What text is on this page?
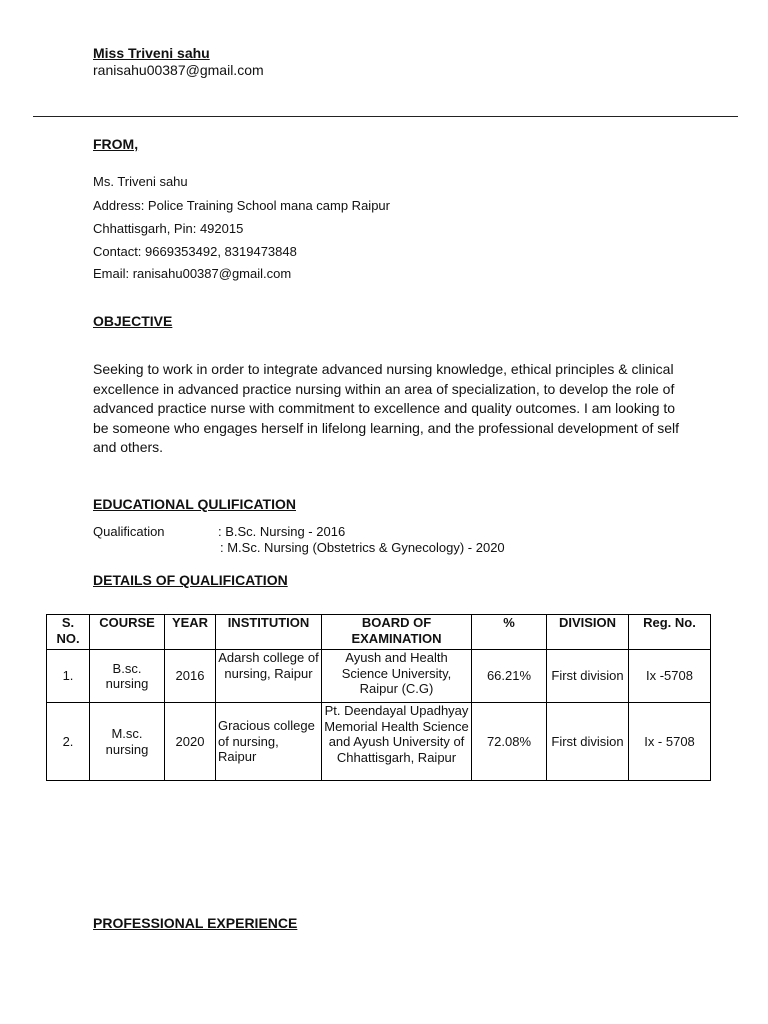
Miss Triveni sahu
ranisahu00387@gmail.com
FROM,
Ms. Triveni sahu
Address: Police Training School mana camp Raipur
Chhattisgarh, Pin: 492015
Contact: 9669353492, 8319473848
Email: ranisahu00387@gmail.com
OBJECTIVE
Seeking to work in order to integrate advanced nursing knowledge, ethical principles & clinical excellence in advanced practice nursing within an area of specialization, to develop the role of advanced practice nurse with commitment to excellence and quality outcomes. I am looking to be someone who engages herself in lifelong learning, and the professional development of self and others.
EDUCATIONAL QULIFICATION
Qualification	: B.Sc. Nursing - 2016
: M.Sc. Nursing (Obstetrics & Gynecology) - 2020
DETAILS OF QUALIFICATION
S. NO.	COURSE	YEAR	INSTITUTION	BOARD OF EXAMINATION	%	DIVISION	Reg. No.
1.	B.sc. nursing	2016	Adarsh college of nursing, Raipur	Ayush and Health Science University, Raipur (C.G)	66.21%	First division	Ix -5708
2.	M.sc. nursing	2020	Gracious college of nursing, Raipur	Pt. Deendayal Upadhyay Memorial Health Science and Ayush University of Chhattisgarh, Raipur	72.08%	First division	Ix - 5708
PROFESSIONAL EXPERIENCE
